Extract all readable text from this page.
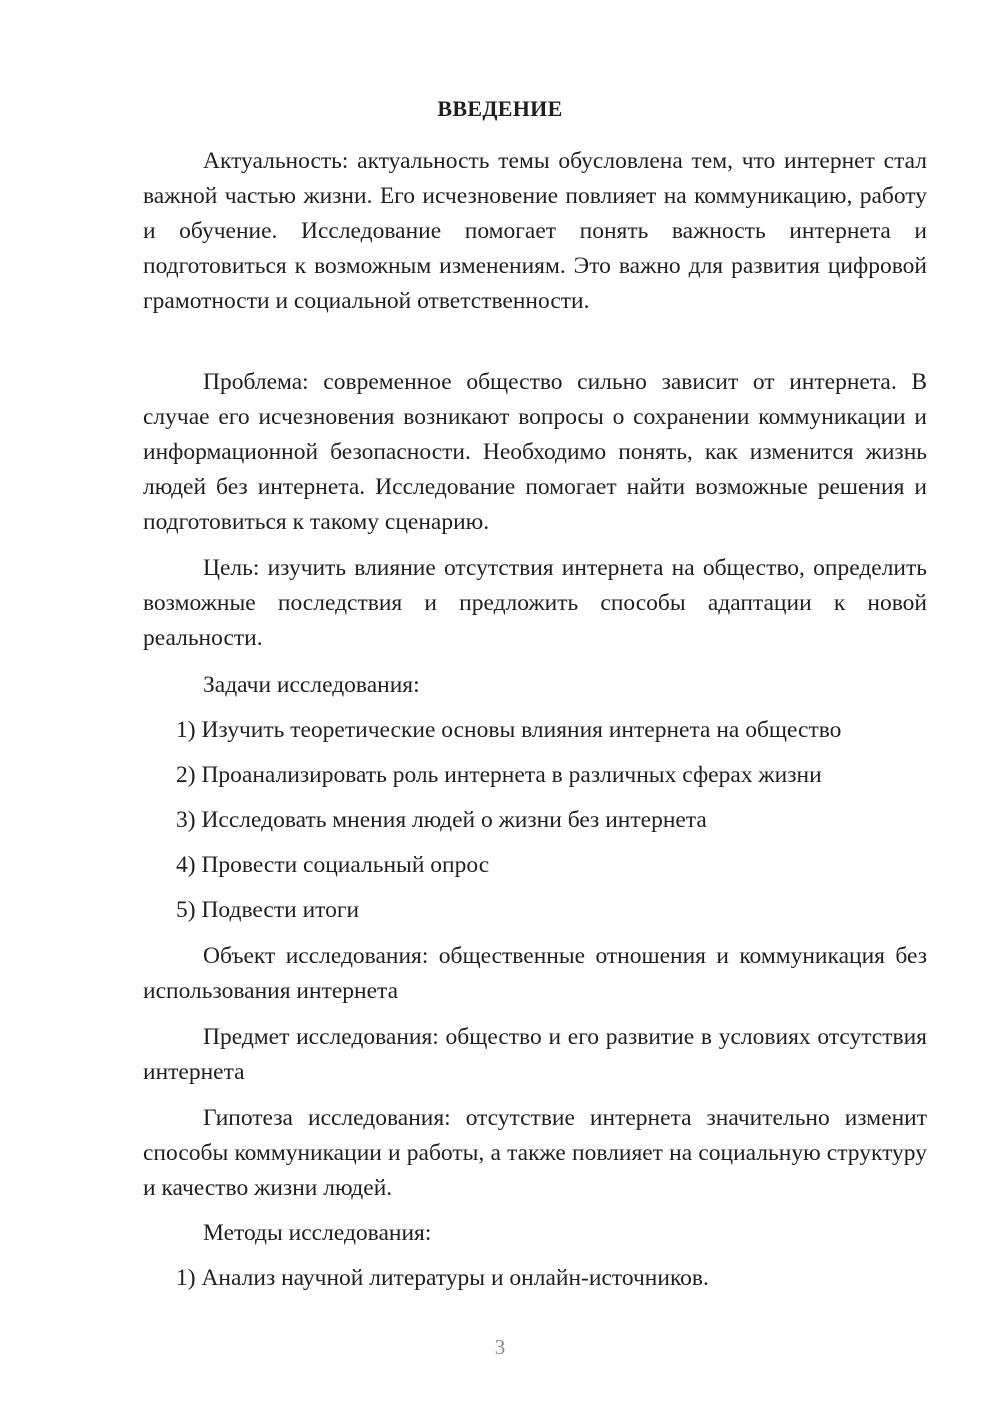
ВВЕДЕНИЕ

Актуальность: актуальность темы обусловлена тем, что интернет стал важной частью жизни. Его исчезновение повлияет на коммуникацию, работу и обучение. Исследование помогает понять важность интернета и подготовиться к возможным изменениям. Это важно для развития цифровой грамотности и социальной ответственности.

Проблема: современное общество сильно зависит от интернета. В случае его исчезновения возникают вопросы о сохранении коммуникации и информационной безопасности. Необходимо понять, как изменится жизнь людей без интернета. Исследование помогает найти возможные решения и подготовиться к такому сценарию.

Цель: изучить влияние отсутствия интернета на общество, определить возможные последствия и предложить способы адаптации к новой реальности.

Задачи исследования:

1) Изучить теоретические основы влияния интернета на общество

2) Проанализировать роль интернета в различных сферах жизни

3) Исследовать мнения людей о жизни без интернета

4) Провести социальный опрос

5) Подвести итоги

Объект исследования: общественные отношения и коммуникация без использования интернета

Предмет исследования: общество и его развитие в условиях отсутствия интернета

Гипотеза исследования: отсутствие интернета значительно изменит способы коммуникации и работы, а также повлияет на социальную структуру и качество жизни людей.

Методы исследования:

1) Анализ научной литературы и онлайн-источников.

3
